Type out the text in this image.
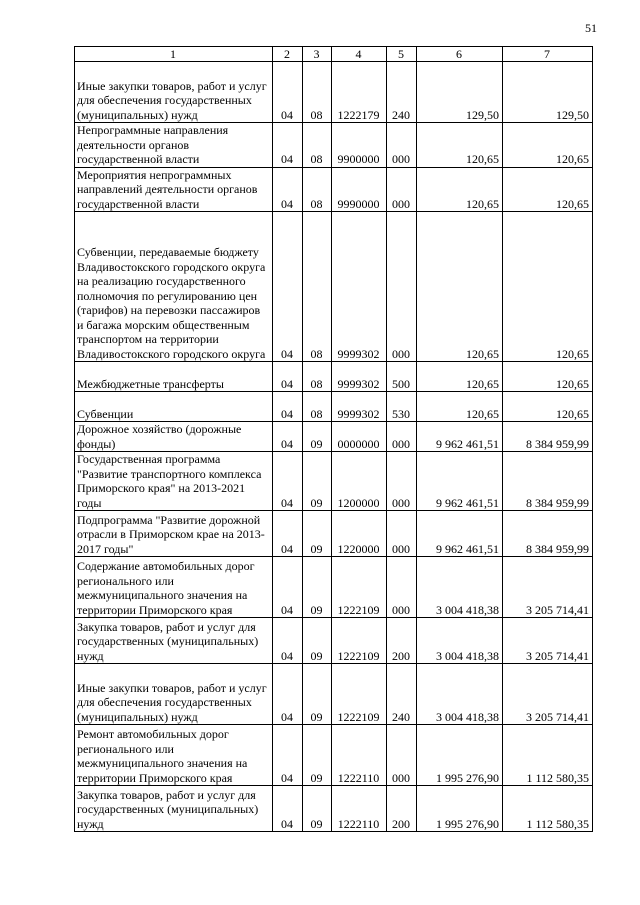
51
1	2	3	4	5	6	7
Иные закупки товаров, работ и услуг для обеспечения государственных (муниципальных) нужд	04	08	1222179	240	129,50	129,50
Непрограммные направления деятельности органов государственной власти	04	08	9900000	000	120,65	120,65
Мероприятия непрограммных направлений деятельности органов государственной власти	04	08	9990000	000	120,65	120,65
Субвенции, передаваемые бюджету Владивостокского городского округа на реализацию государственного полномочия по регулированию цен (тарифов) на перевозки пассажиров и багажа морским общественным транспортом на территории Владивостокского городского округа	04	08	9999302	000	120,65	120,65
Межбюджетные трансферты	04	08	9999302	500	120,65	120,65
Субвенции	04	08	9999302	530	120,65	120,65
Дорожное хозяйство (дорожные фонды)	04	09	0000000	000	9 962 461,51	8 384 959,99
Государственная программа "Развитие транспортного комплекса Приморского края" на 2013-2021 годы	04	09	1200000	000	9 962 461,51	8 384 959,99
Подпрограмма "Развитие дорожной отрасли в Приморском крае на 2013-2017 годы"	04	09	1220000	000	9 962 461,51	8 384 959,99
Содержание автомобильных дорог регионального или межмуниципального значения на территории Приморского края	04	09	1222109	000	3 004 418,38	3 205 714,41
Закупка товаров, работ и услуг для государственных (муниципальных) нужд	04	09	1222109	200	3 004 418,38	3 205 714,41
Иные закупки товаров, работ и услуг для обеспечения государственных (муниципальных) нужд	04	09	1222109	240	3 004 418,38	3 205 714,41
Ремонт автомобильных дорог регионального или межмуниципального значения на территории Приморского края	04	09	1222110	000	1 995 276,90	1 112 580,35
Закупка товаров, работ и услуг для государственных (муниципальных) нужд	04	09	1222110	200	1 995 276,90	1 112 580,35
